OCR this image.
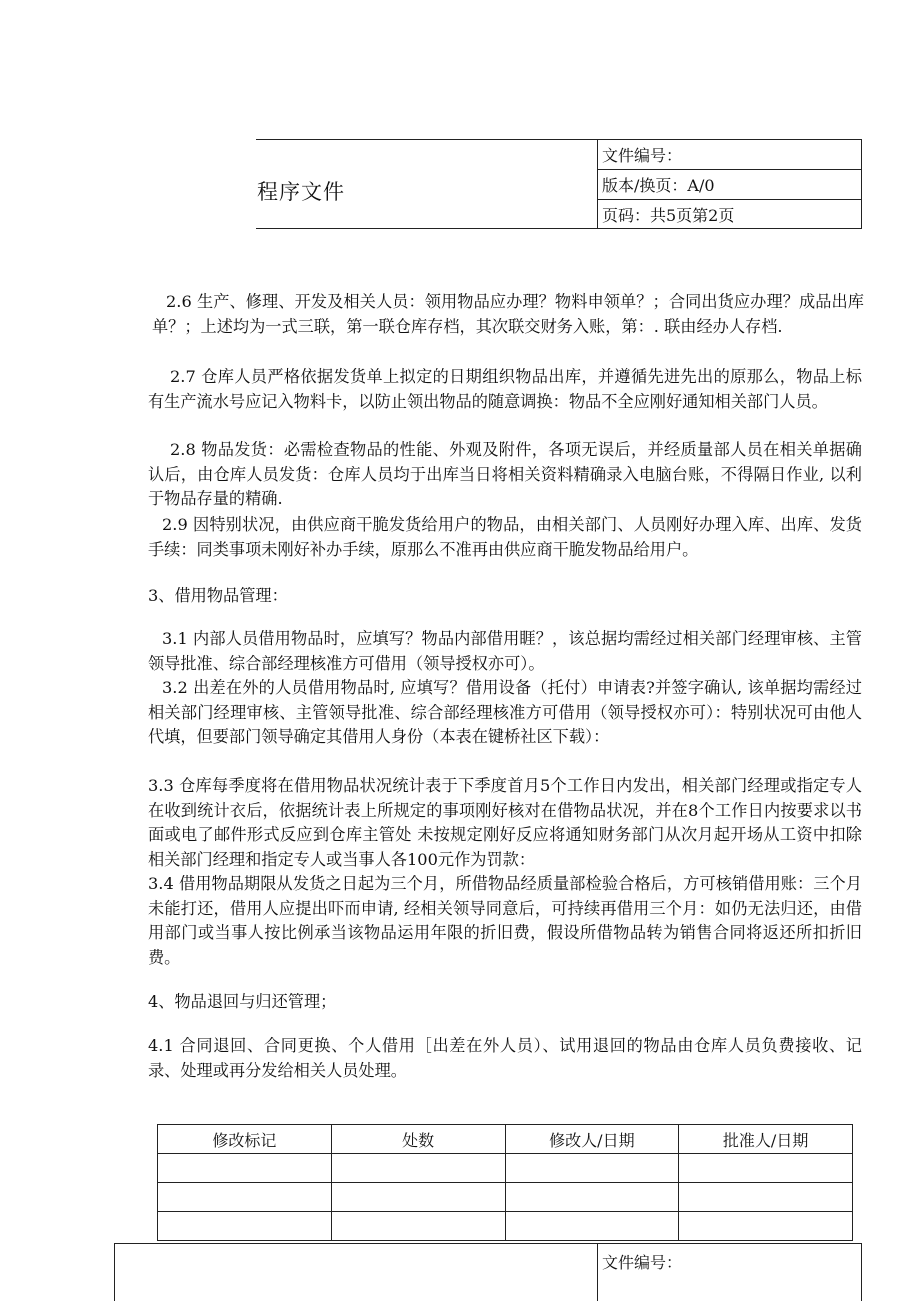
程序文件
文件编号：
版本/换页：A/0
页码：共5页第2页
2.6 生产、修理、开发及相关人员：领用物品应办理？物料申领单？；合同出货应办理？成品出库单？；上述均为一式三联，第一联仓库存档，其次联交财务入账，第：. 联由经办人存档.
2.7 仓库人员严格依据发货单上拟定的日期组织物品出库，并遵循先进先出的原那么，物品上标有生产流水号应记入物料卡，以防止领出物品的随意调换：物品不全应刚好通知相关部门人员。
2.8 物品发货：必需检查物品的性能、外观及附件，各项无误后，并经质量部人员在相关单据确认后，由仓库人员发货：仓库人员均于出库当日将相关资料精确录入电脑台账，不得隔日作业, 以利于物品存量的精确.
2.9 因特别状况，由供应商干脆发货给用户的物品，由相关部门、人员刚好办理入库、出库、发货手续：同类事项未刚好补办手续，原那么不准再由供应商干脆发物品给用户。
3、借用物品管理：
3.1 内部人员借用物品时，应填写？物品内部借用睚？，该总据均需经过相关部门经理审核、主管领导批准、综合部经理核准方可借用（领导授权亦可）。
3.2 出差在外的人员借用物品时, 应填写？借用设备（托付）申请表?并签字确认, 该单据均需经过相关部门经理审核、主管领导批准、综合部经理核准方可借用（领导授权亦可）：特别状况可由他人代填，但要部门领导确定其借用人身份（本表在键桥社区下载）：
3.3 仓库每季度将在借用物品状况统计表于下季度首月5个工作日内发出，相关部门经理或指定专人在收到统计衣后，依据统计表上所规定的事项刚好核对在借物品状况，并在8个工作日内按要求以书面或电了邮件形式反应到仓库主管处 未按规定刚好反应将通知财务部门从次月起开场从工资中扣除相关部门经理和指定专人或当事人各100元作为罚款：
3.4 借用物品期限从发货之日起为三个月，所借物品经质量部检验合格后，方可核销借用账：三个月未能打还，借用人应提出吓而申请, 经相关领导同意后，可持续再借用三个月：如仍无法归还，由借用部门或当事人按比例承当该物品运用年限的折旧费，假设所借物品转为销售合同将返还所扣折旧费。
4、物品退回与归还管理；
4.1 合同退回、合同更换、个人借用［出差在外人员）、试用退回的物品由仓库人员负费接收、记录、处理或再分发给相关人员处理。
修改标记	处数	修改人/日期	批准人/日期

文件编号：
